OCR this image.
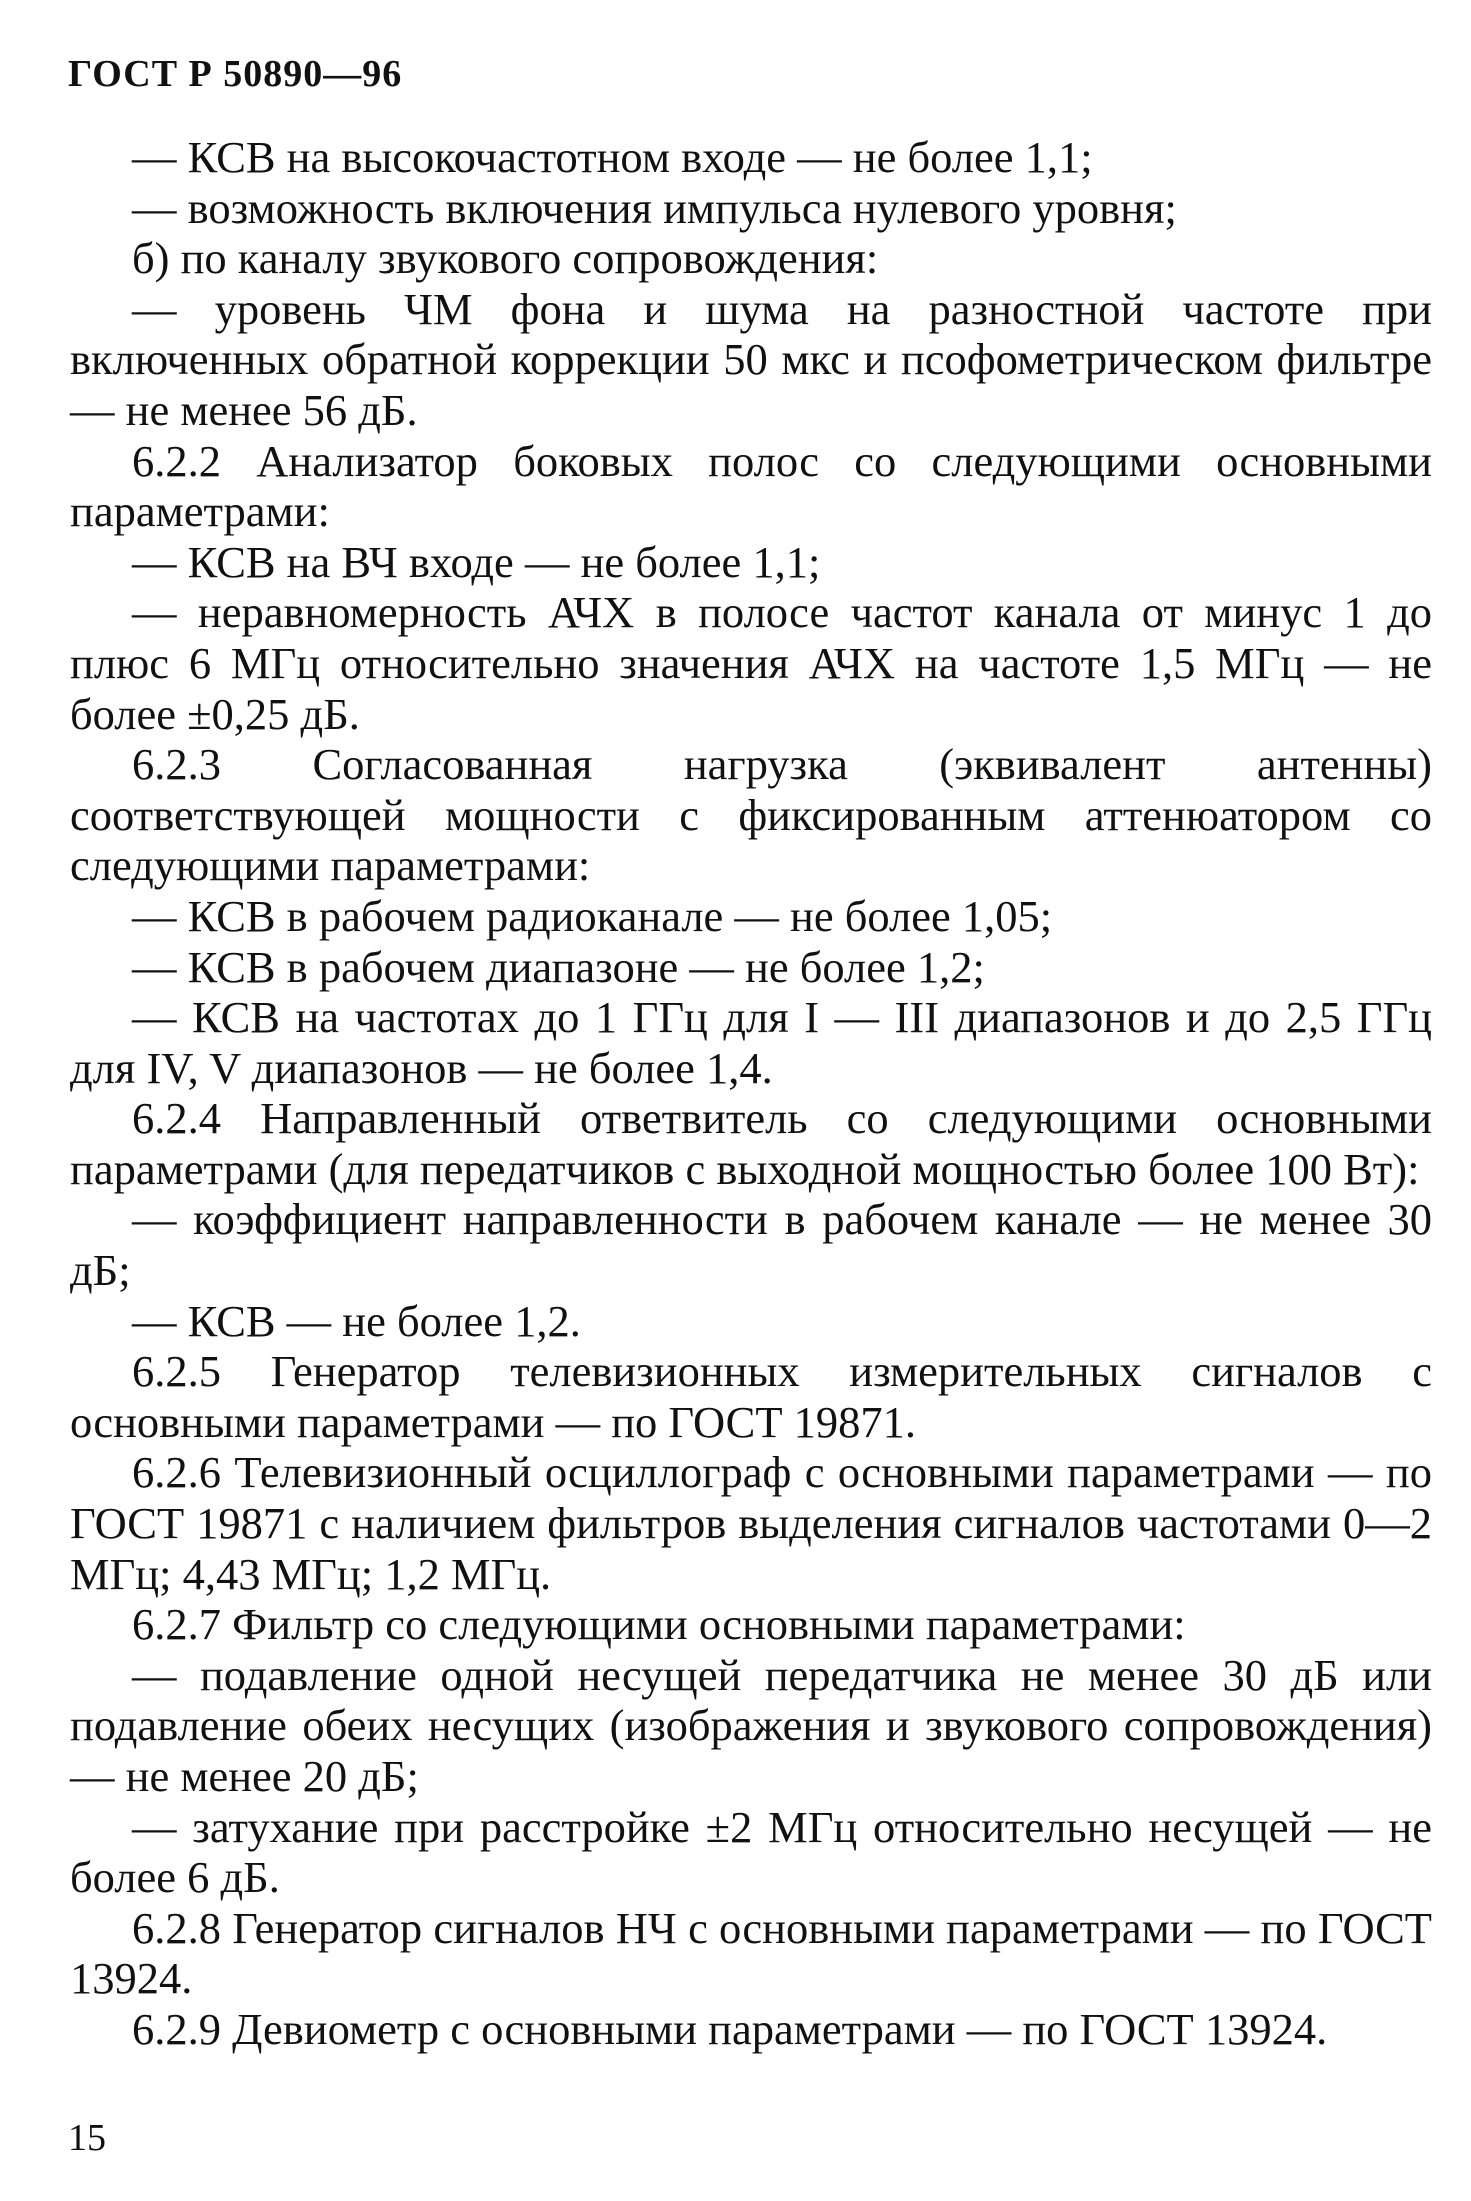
ГОСТ Р 50890—96

— КСВ на высокочастотном входе — не более 1,1;

— возможность включения импульса нулевого уровня;

б) по каналу звукового сопровождения:

— уровень ЧМ фона и шума на разностной частоте при включенных обратной коррекции 50 мкс и псофометрическом фильтре — не менее 56 дБ.

6.2.2 Анализатор боковых полос со следующими основными параметрами:

— КСВ на ВЧ входе — не более 1,1;

— неравномерность АЧХ в полосе частот канала от минус 1 до плюс 6 МГц относительно значения АЧХ на частоте 1,5 МГц — не более ±0,25 дБ.

6.2.3 Согласованная нагрузка (эквивалент антенны) соответствующей мощности с фиксированным аттенюатором со следующими параметрами:

— КСВ в рабочем радиоканале — не более 1,05;

— КСВ в рабочем диапазоне — не более 1,2;

— КСВ на частотах до 1 ГГц для I — III диапазонов и до 2,5 ГГц для IV, V диапазонов — не более 1,4.

6.2.4 Направленный ответвитель со следующими основными параметрами (для передатчиков с выходной мощностью более 100 Вт):

— коэффициент направленности в рабочем канале — не менее 30 дБ;

— КСВ — не более 1,2.

6.2.5 Генератор телевизионных измерительных сигналов с основными параметрами — по ГОСТ 19871.

6.2.6 Телевизионный осциллограф с основными параметрами — по ГОСТ 19871 с наличием фильтров выделения сигналов частотами 0—2 МГц; 4,43 МГц; 1,2 МГц.

6.2.7 Фильтр со следующими основными параметрами:

— подавление одной несущей передатчика не менее 30 дБ или подавление обеих несущих (изображения и звукового сопровождения) — не менее 20 дБ;

— затухание при расстройке ±2 МГц относительно несущей — не более 6 дБ.

6.2.8 Генератор сигналов НЧ с основными параметрами — по ГОСТ 13924.

6.2.9 Девиометр с основными параметрами — по ГОСТ 13924.

15
